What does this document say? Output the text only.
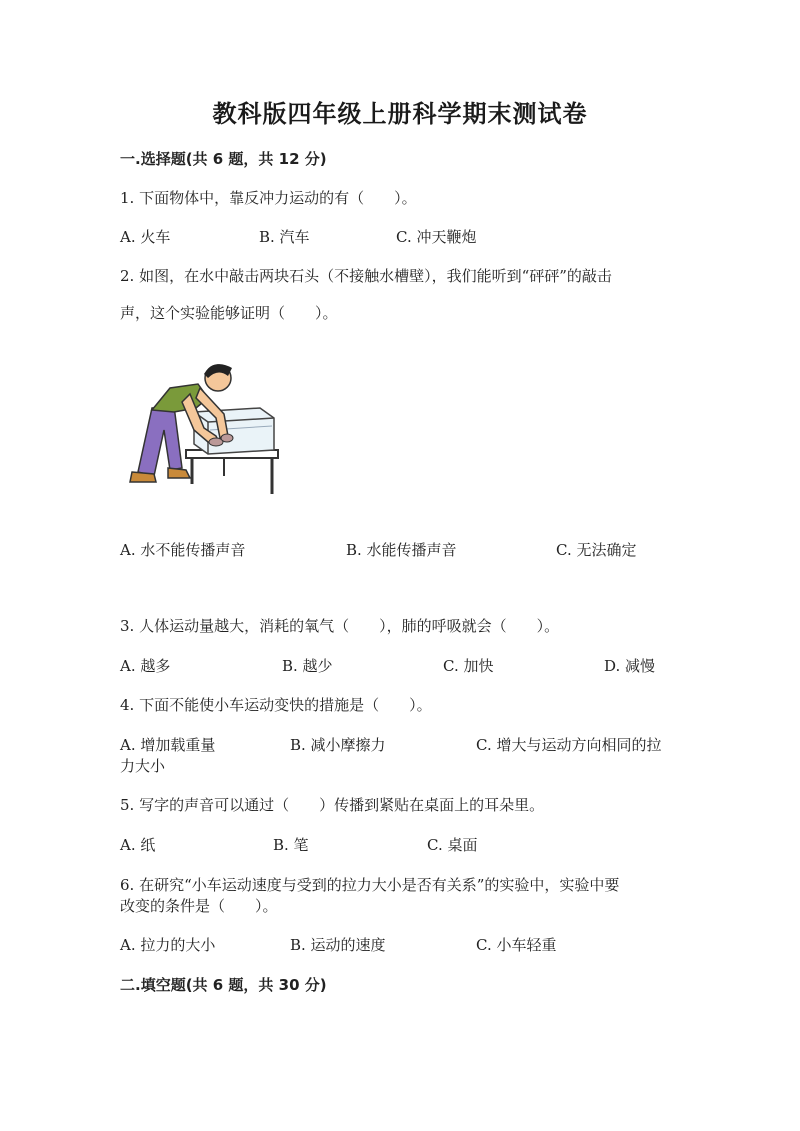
教科版四年级上册科学期末测试卷
一.选择题(共 6 题，共 12 分)
1. 下面物体中，靠反冲力运动的有（　　）。
A. 火车	B. 汽车	C. 冲天鞭炮
2. 如图，在水中敲击两块石头（不接触水槽壁），我们能听到“砰砰”的敲击
声，这个实验能够证明（　　）。
A. 水不能传播声音	B. 水能传播声音	C. 无法确定
3. 人体运动量越大，消耗的氧气（　　），肺的呼吸就会（　　）。
A. 越多	B. 越少	C. 加快	D. 减慢
4. 下面不能使小车运动变快的措施是（　　）。
A. 增加载重量	B. 减小摩擦力	C. 增大与运动方向相同的拉
力大小
5. 写字的声音可以通过（　　）传播到紧贴在桌面上的耳朵里。
A. 纸	B. 笔	C. 桌面
6. 在研究“小车运动速度与受到的拉力大小是否有关系”的实验中，实验中要
改变的条件是（　　）。
A. 拉力的大小	B. 运动的速度	C. 小车轻重
二.填空题(共 6 题，共 30 分)
